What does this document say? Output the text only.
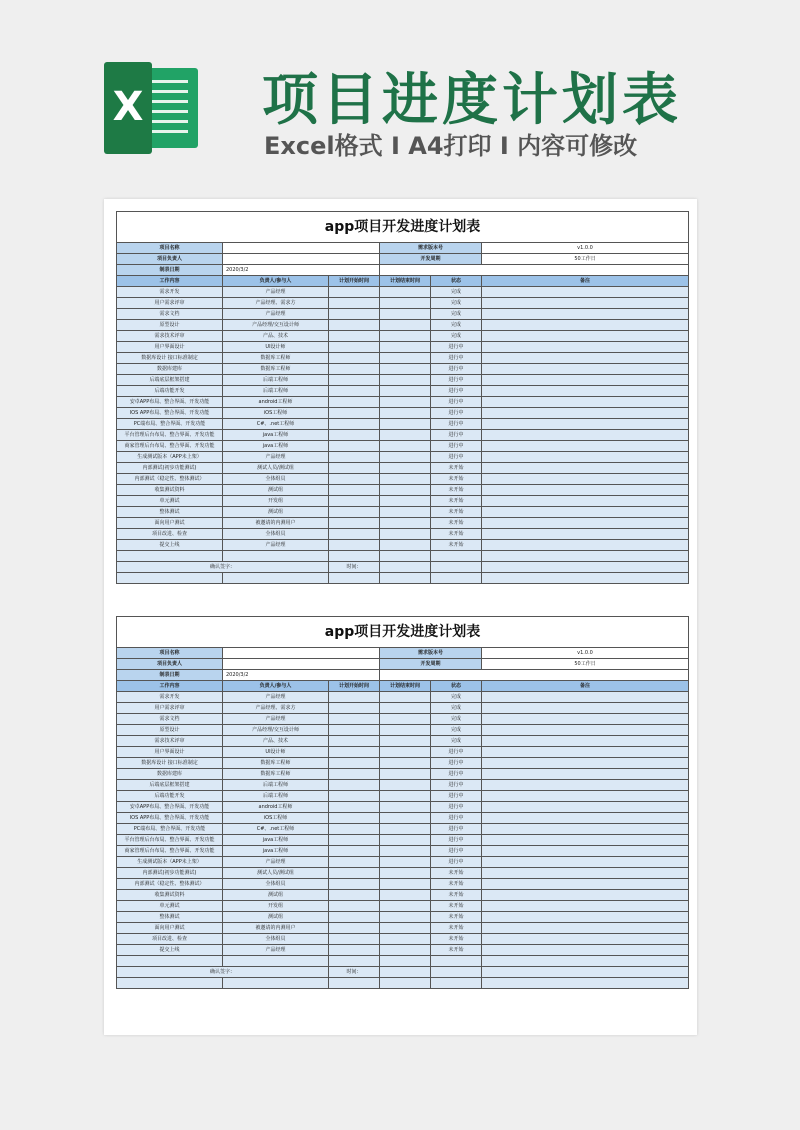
X 项目进度计划表
Excel格式 I A4打印 I 内容可修改
app项目开发进度计划表					
项目名称			需求版本号		v1.0.0
项目负责人			开发周期		50工作日
制表日期	2020/3/2				
工作内容	负责人/参与人	计划开始时间	计划结束时间	状态	备注
需求开发	产品经理			完成	
用户需求评审	产品经理、需求方			完成	
需求文档	产品经理			完成	
原型设计	产品经理/交互设计师			完成	
需求技术评审	产品、技术			完成	
用户界面设计	UI设计师			进行中	
数据库设计 接口标准制定	数据库工程师			进行中	
数据库建库	数据库工程师			进行中	
后端底层框架搭建	后端工程师			进行中	
后端功能开发	后端工程师			进行中	
安卓APP布局、整合界面、开发功能	android工程师			进行中	
IOS APP布局、整合界面、开发功能	iOS工程师			进行中	
PC端布局、整合界面、开发功能	C#、.net工程师			进行中	
平台管理后台布局、整合界面、开发功能	java工程师			进行中	
商家管理后台布局、整合界面、开发功能	java工程师			进行中	
生成测试版本（APP未上架）	产品经理			进行中	
内部测试(初步功能测试)	测试人员/测试组			未开始	
内部测试（稳定性、整体测试）	全体组员			未开始	
收集测试资料	测试组			未开始	
单元测试	开发组			未开始	
整体测试	测试组			未开始	
面向用户测试	被邀请的内测用户			未开始	
项目改进、检查	全体组员			未开始	
提交上线	产品经理			未开始	

确认签字：		时间：			

app项目开发进度计划表					
项目名称			需求版本号		v1.0.0
项目负责人			开发周期		50工作日
制表日期	2020/3/2				
工作内容	负责人/参与人	计划开始时间	计划结束时间	状态	备注
需求开发	产品经理			完成	
用户需求评审	产品经理、需求方			完成	
需求文档	产品经理			完成	
原型设计	产品经理/交互设计师			完成	
需求技术评审	产品、技术			完成	
用户界面设计	UI设计师			进行中	
数据库设计 接口标准制定	数据库工程师			进行中	
数据库建库	数据库工程师			进行中	
后端底层框架搭建	后端工程师			进行中	
后端功能开发	后端工程师			进行中	
安卓APP布局、整合界面、开发功能	android工程师			进行中	
IOS APP布局、整合界面、开发功能	iOS工程师			进行中	
PC端布局、整合界面、开发功能	C#、.net工程师			进行中	
平台管理后台布局、整合界面、开发功能	java工程师			进行中	
商家管理后台布局、整合界面、开发功能	java工程师			进行中	
生成测试版本（APP未上架）	产品经理			进行中	
内部测试(初步功能测试)	测试人员/测试组			未开始	
内部测试（稳定性、整体测试）	全体组员			未开始	
收集测试资料	测试组			未开始	
单元测试	开发组			未开始	
整体测试	测试组			未开始	
面向用户测试	被邀请的内测用户			未开始	
项目改进、检查	全体组员			未开始	
提交上线	产品经理			未开始	

确认签字：		时间：			
